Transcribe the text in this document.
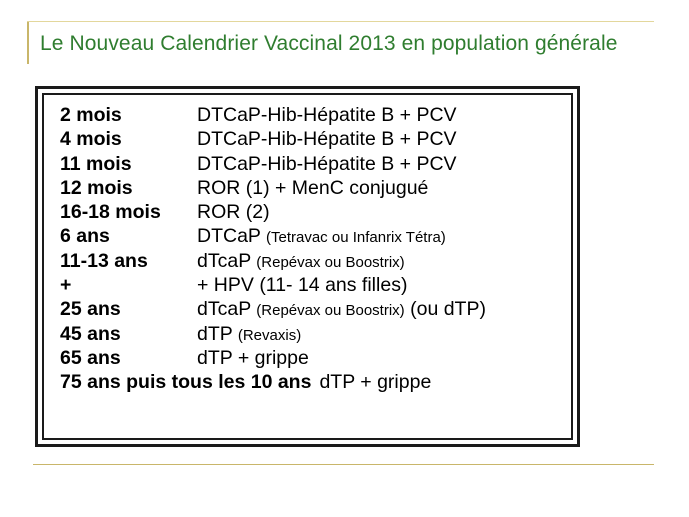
Le Nouveau Calendrier Vaccinal 2013 en population générale
2 mois	DTCaP-Hib-Hépatite B + PCV
4 mois	DTCaP-Hib-Hépatite B + PCV
11 mois	DTCaP-Hib-Hépatite B + PCV
12 mois	ROR (1) + MenC conjugué
16-18 mois ROR (2)
6 ans	DTCaP (Tetravac ou Infanrix Tétra)
11-13 ans	dTcaP (Repévax ou Boostrix)
+	+ HPV (11- 14 ans filles)
25 ans	dTcaP (Repévax ou Boostrix) (ou dTP)
45 ans	dTP (Revaxis)
65 ans	dTP + grippe
75 ans puis tous les 10 ans dTP + grippe
